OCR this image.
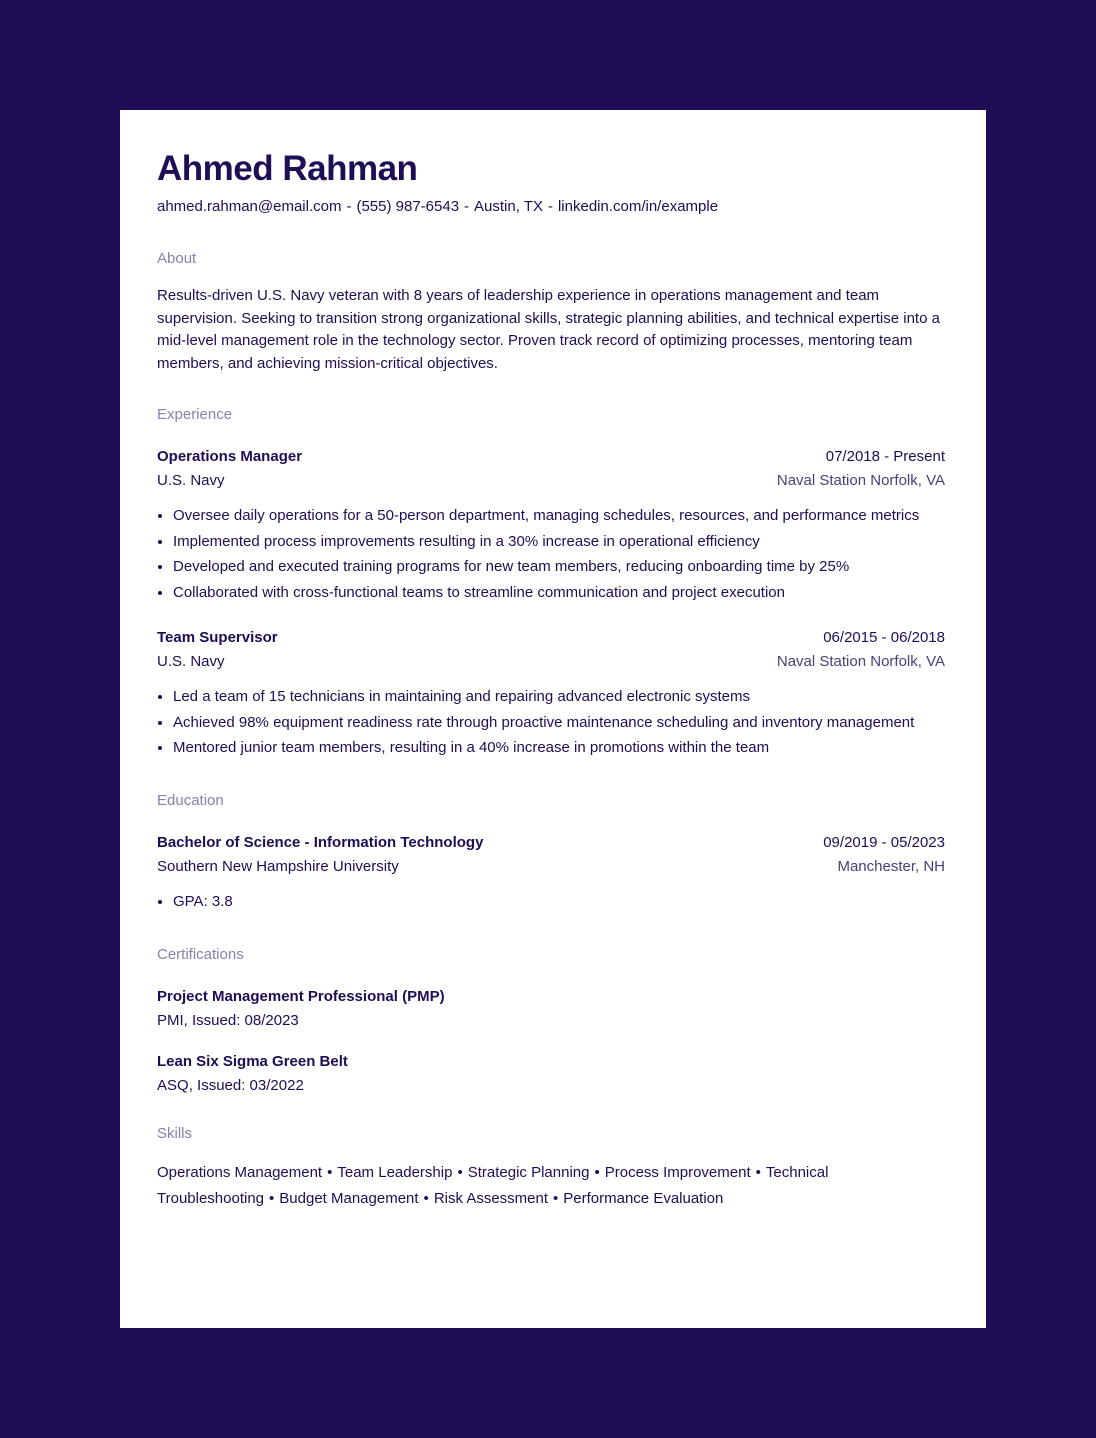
Ahmed Rahman
ahmed.rahman@email.com - (555) 987-6543 - Austin, TX - linkedin.com/in/example
About
Results-driven U.S. Navy veteran with 8 years of leadership experience in operations management and team supervision. Seeking to transition strong organizational skills, strategic planning abilities, and technical expertise into a mid-level management role in the technology sector. Proven track record of optimizing processes, mentoring team members, and achieving mission-critical objectives.
Experience
Operations Manager	07/2018 - Present
U.S. Navy	Naval Station Norfolk, VA
• Oversee daily operations for a 50-person department, managing schedules, resources, and performance metrics
• Implemented process improvements resulting in a 30% increase in operational efficiency
• Developed and executed training programs for new team members, reducing onboarding time by 25%
• Collaborated with cross-functional teams to streamline communication and project execution
Team Supervisor	06/2015 - 06/2018
U.S. Navy	Naval Station Norfolk, VA
• Led a team of 15 technicians in maintaining and repairing advanced electronic systems
• Achieved 98% equipment readiness rate through proactive maintenance scheduling and inventory management
• Mentored junior team members, resulting in a 40% increase in promotions within the team
Education
Bachelor of Science - Information Technology	09/2019 - 05/2023
Southern New Hampshire University	Manchester, NH
• GPA: 3.8
Certifications
Project Management Professional (PMP)
PMI, Issued: 08/2023
Lean Six Sigma Green Belt
ASQ, Issued: 03/2022
Skills
Operations Management • Team Leadership • Strategic Planning • Process Improvement • Technical Troubleshooting • Budget Management • Risk Assessment • Performance Evaluation
